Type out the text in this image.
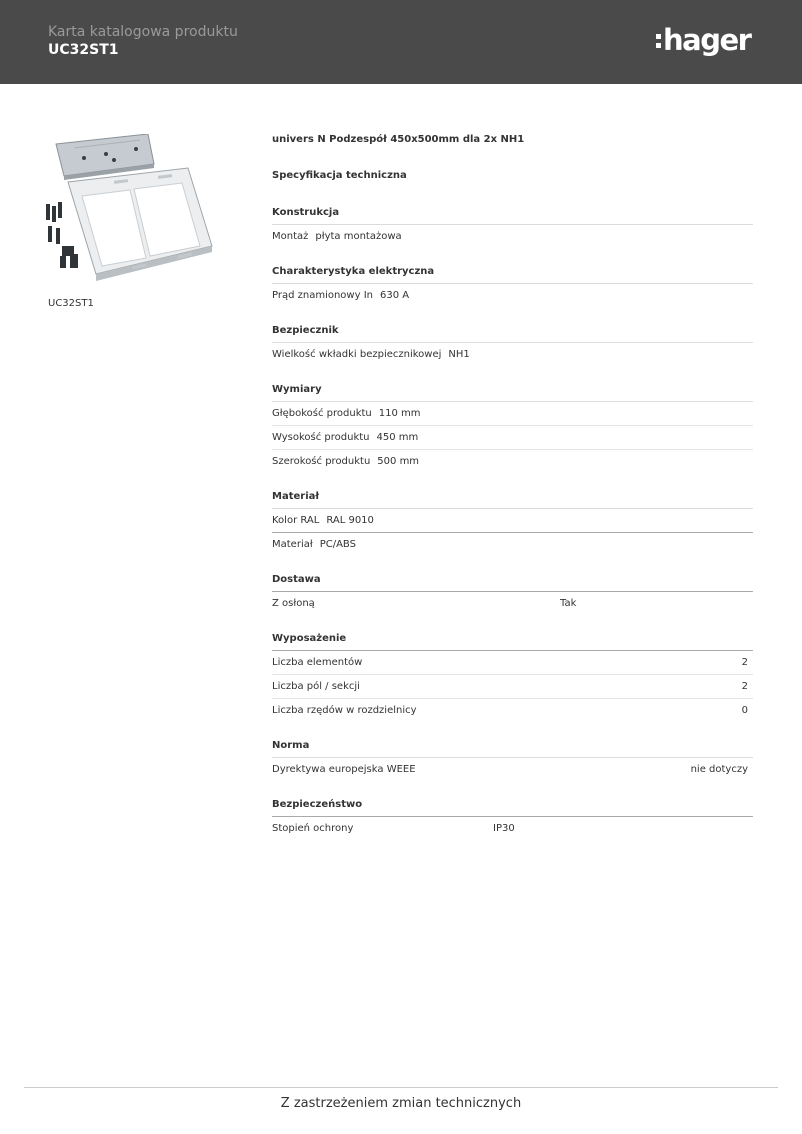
Karta katalogowa produktu
UC32ST1	hager
UC32ST1
univers N Podzespół 450x500mm dla 2x NH1
Specyfikacja techniczna
Konstrukcja
Montaż płyta montażowa
Charakterystyka elektryczna
Prąd znamionowy In 630 A
Bezpiecznik
Wielkość wkładki bezpiecznikowej NH1
Wymiary
Głębokość produktu 110 mm
Wysokość produktu 450 mm
Szerokość produktu 500 mm
Materiał
Kolor RAL RAL 9010
Materiał PC/ABS
Dostawa
Z osłoną	Tak
Wyposażenie
Liczba elementów	2
Liczba pól / sekcji	2
Liczba rzędów w rozdzielnicy	0
Norma
Dyrektywa europejska WEEE	nie dotyczy
Bezpieczeństwo
Stopień ochrony	IP30
Z zastrzeżeniem zmian technicznych
